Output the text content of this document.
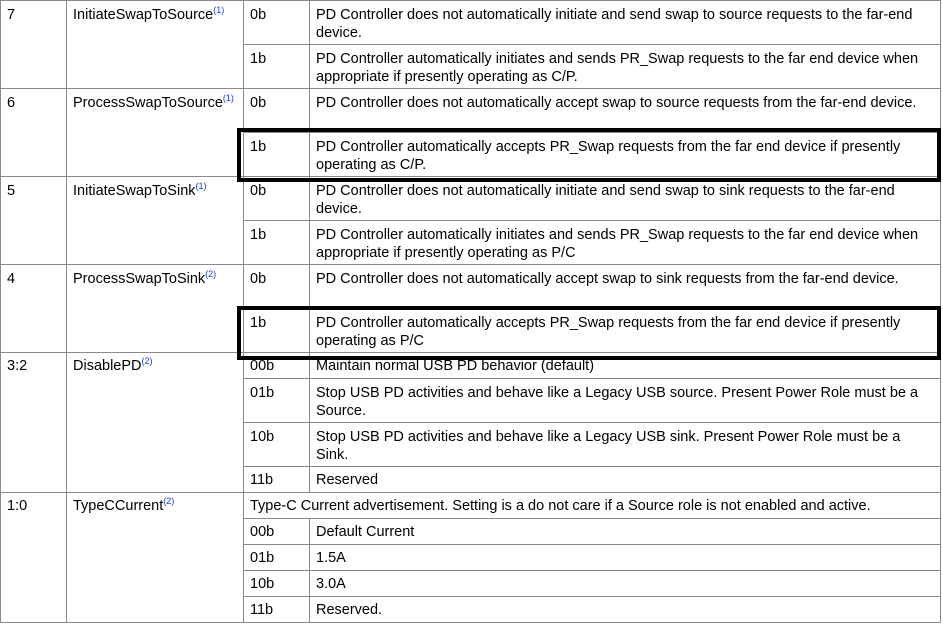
7	InitiateSwapToSource$^{(1)}$	0b	PD Controller does not automatically initiate and send swap to source requests to the far-end device.
		1b	PD Controller automatically initiates and sends PR_Swap requests to the far end device when appropriate if presently operating as C/P.
6	ProcessSwapToSource$^{(1)}$	0b	PD Controller does not automatically accept swap to source requests from the far-end device.
		1b	PD Controller automatically accepts PR_Swap requests from the far end device if presently operating as C/P.
5	InitiateSwapToSink$^{(1)}$	0b	PD Controller does not automatically initiate and send swap to sink requests to the far-end device.
		1b	PD Controller automatically initiates and sends PR_Swap requests to the far end device when appropriate if presently operating as P/C
4	ProcessSwapToSink$^{(2)}$	0b	PD Controller does not automatically accept swap to sink requests from the far-end device.
		1b	PD Controller automatically accepts PR_Swap requests from the far end device if presently operating as P/C
3:2	DisablePD$^{(2)}$	00b	Maintain normal USB PD behavior (default)
		01b	Stop USB PD activities and behave like a Legacy USB source. Present Power Role must be a Source.
		10b	Stop USB PD activities and behave like a Legacy USB sink. Present Power Role must be a Sink.
		11b	Reserved
1:0	TypeCCurrent$^{(2)}$	Type-C Current advertisement. Setting is a do not care if a Source role is not enabled and active.	
		00b	Default Current
		01b	1.5A
		10b	3.0A
		11b	Reserved.
